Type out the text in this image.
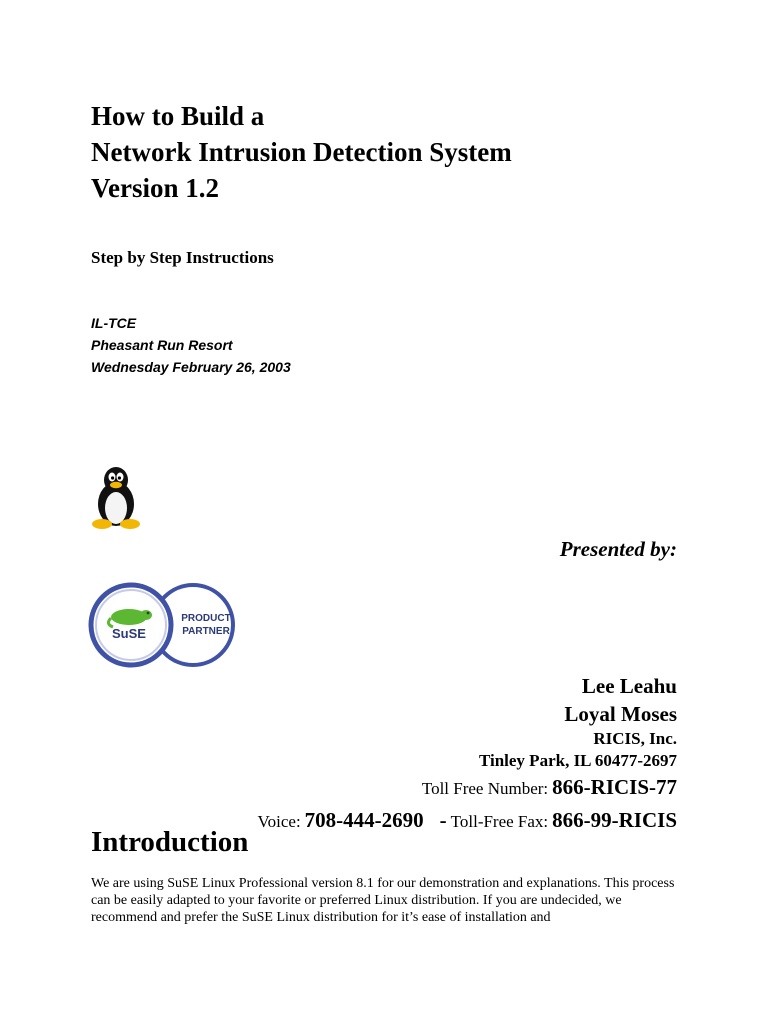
How to Build a
Network Intrusion Detection System
Version 1.2
Step by Step Instructions
IL-TCE
Pheasant Run Resort
Wednesday February 26, 2003
Presented by:
SuSE
PRODUCT
PARTNER
Lee Leahu
Loyal Moses
RICIS, Inc.
Tinley Park, IL 60477-2697
Toll Free Number: 866-RICIS-77
Voice: 708-444-2690 - Toll-Free Fax: 866-99-RICIS
Introduction

We are using SuSE Linux Professional version 8.1 for our demonstration and explanations. This process can be easily adapted to your favorite or preferred Linux distribution. If you are undecided, we recommend and prefer the SuSE Linux distribution for it’s ease of installation and
